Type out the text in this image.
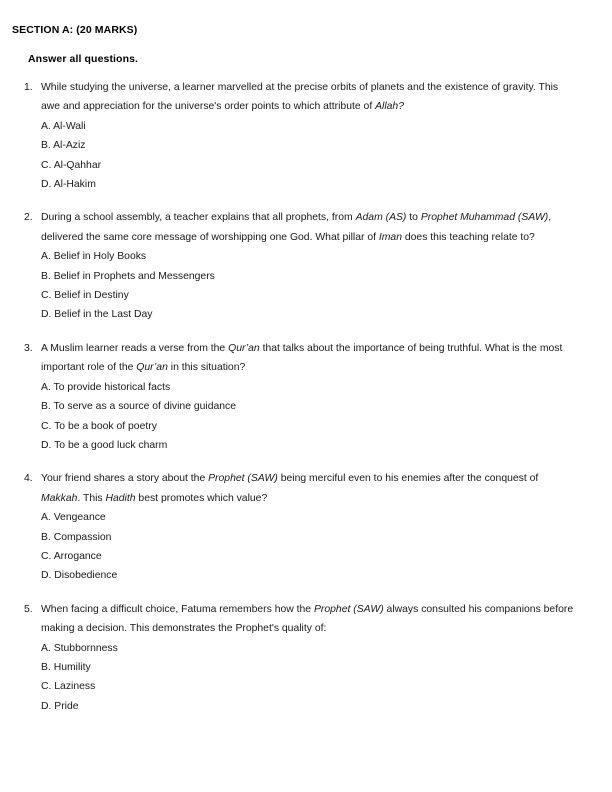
SECTION A: (20 MARKS)
Answer all questions.
1. While studying the universe, a learner marvelled at the precise orbits of planets and the existence of gravity. This awe and appreciation for the universe's order points to which attribute of Allah?
A. Al-Wali
B. Al-Aziz
C. Al-Qahhar
D. Al-Hakim
2. During a school assembly, a teacher explains that all prophets, from Adam (AS) to Prophet Muhammad (SAW), delivered the same core message of worshipping one God. What pillar of Iman does this teaching relate to?
A. Belief in Holy Books
B. Belief in Prophets and Messengers
C. Belief in Destiny
D. Belief in the Last Day
3. A Muslim learner reads a verse from the Qur’an that talks about the importance of being truthful. What is the most important role of the Qur’an in this situation?
A. To provide historical facts
B. To serve as a source of divine guidance
C. To be a book of poetry
D. To be a good luck charm
4. Your friend shares a story about the Prophet (SAW) being merciful even to his enemies after the conquest of Makkah. This Hadith best promotes which value?
A. Vengeance
B. Compassion
C. Arrogance
D. Disobedience
5. When facing a difficult choice, Fatuma remembers how the Prophet (SAW) always consulted his companions before making a decision. This demonstrates the Prophet's quality of:
A. Stubbornness
B. Humility
C. Laziness
D. Pride
